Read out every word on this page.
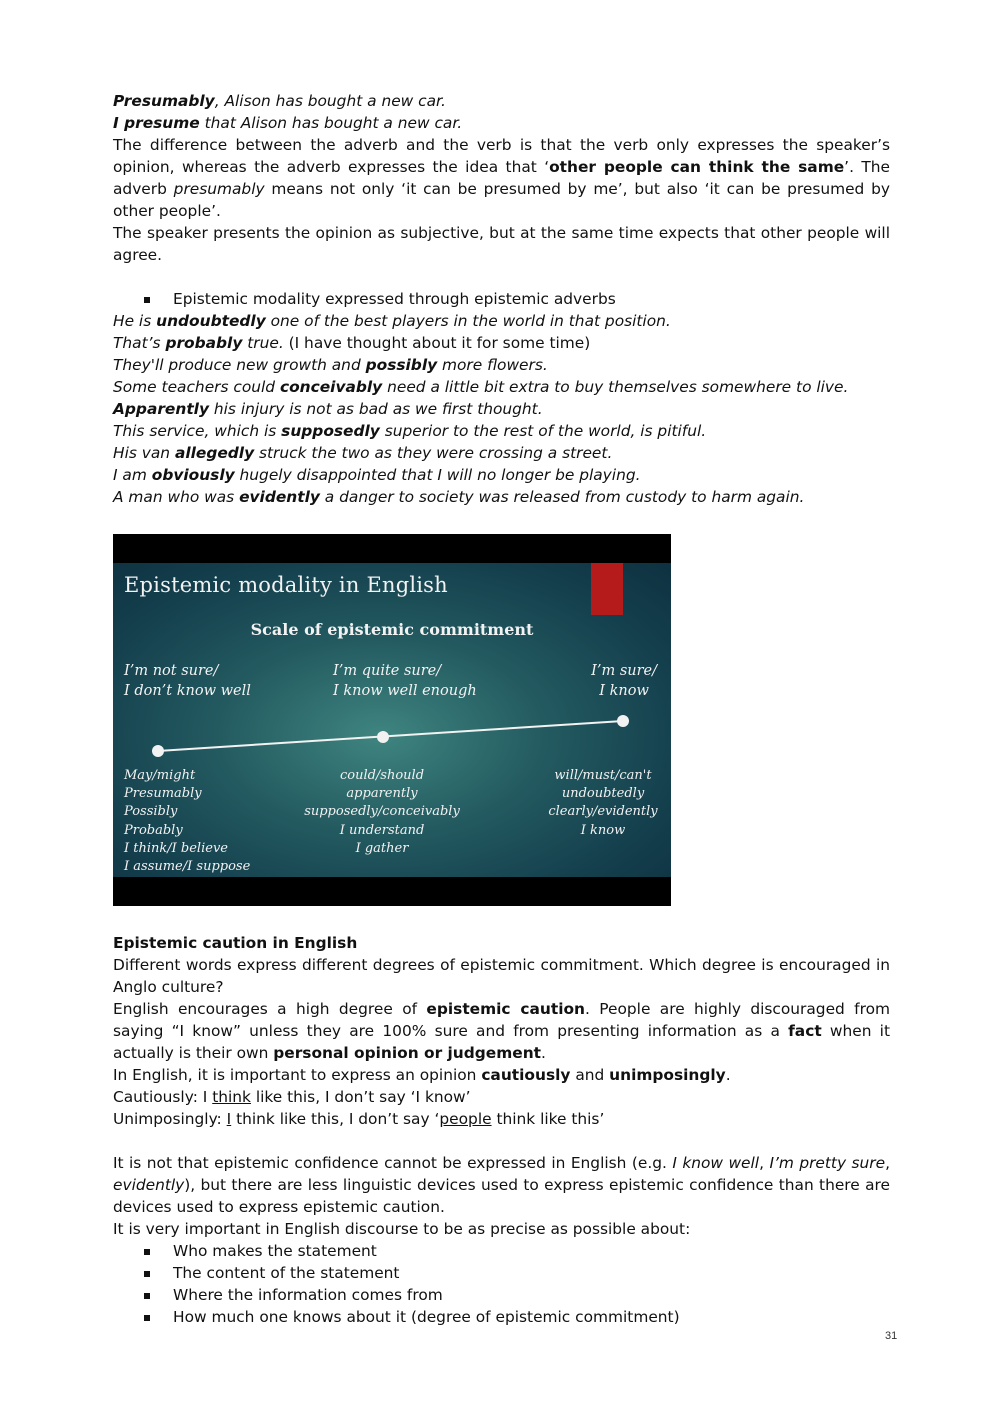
Presumably, Alison has bought a new car.

I presume that Alison has bought a new car.

The difference between the adverb and the verb is that the verb only expresses the speaker’s opinion, whereas the adverb expresses the idea that ‘other people can think the same’. The adverb presumably means not only ‘it can be presumed by me’, but also ‘it can be presumed by other people’.

The speaker presents the opinion as subjective, but at the same time expects that other people will agree.

Epistemic modality expressed through epistemic adverbs

He is undoubtedly one of the best players in the world in that position.

That’s probably true. (I have thought about it for some time)

They'll produce new growth and possibly more flowers.

Some teachers could conceivably need a little bit extra to buy themselves somewhere to live.

Apparently his injury is not as bad as we first thought.

This service, which is supposedly superior to the rest of the world, is pitiful.

His van allegedly struck the two as they were crossing a street.

I am obviously hugely disappointed that I will no longer be playing.

A man who was evidently a danger to society was released from custody to harm again.

Epistemic modality in English
Scale of epistemic commitment
I’m not sure/
I don’t know well
I’m quite sure/
I know well enough
I’m sure/
I know
May/might
Presumably
Possibly
Probably
I think/I believe
I assume/I suppose
could/should
apparently
supposedly/conceivably
I understand
I gather
will/must/can't
undoubtedly
clearly/evidently
I know

Epistemic caution in English

Different words express different degrees of epistemic commitment. Which degree is encouraged in Anglo culture?

English encourages a high degree of epistemic caution. People are highly discouraged from saying “I know” unless they are 100% sure and from presenting information as a fact when it actually is their own personal opinion or judgement.

In English, it is important to express an opinion cautiously and unimposingly.

Cautiously: I think like this, I don’t say ‘I know’

Unimposingly: I think like this, I don’t say ‘people think like this’

It is not that epistemic confidence cannot be expressed in English (e.g. I know well, I’m pretty sure, evidently), but there are less linguistic devices used to express epistemic confidence than there are devices used to express epistemic caution.

It is very important in English discourse to be as precise as possible about:

Who makes the statement

The content of the statement

Where the information comes from

How much one knows about it (degree of epistemic commitment)

31
